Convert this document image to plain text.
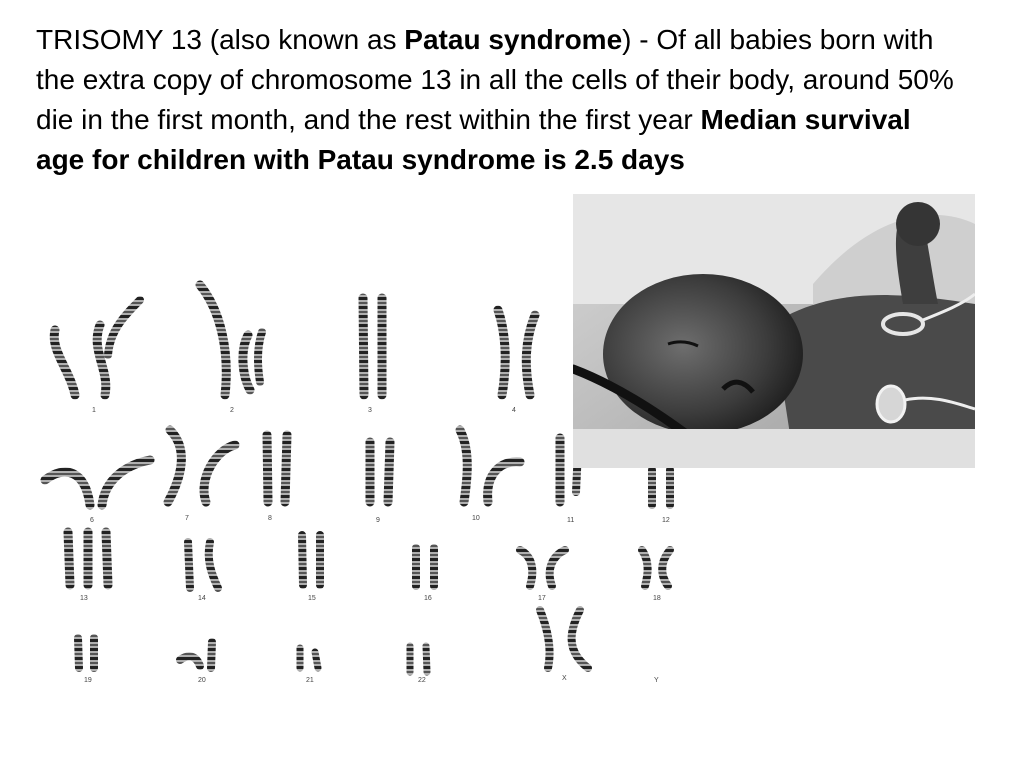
TRISOMY 13 (also known as Patau syndrome) - Of all babies born with the extra copy of chromosome 13 in all the cells of their body, around 50% die in the first month, and the rest within the first year Median survival age for children with Patau syndrome is 2.5 days

1	2	3	4
6	7	8	9	10	11	12
13	14	15	16	17	18
19	20	21	22	X	Y
